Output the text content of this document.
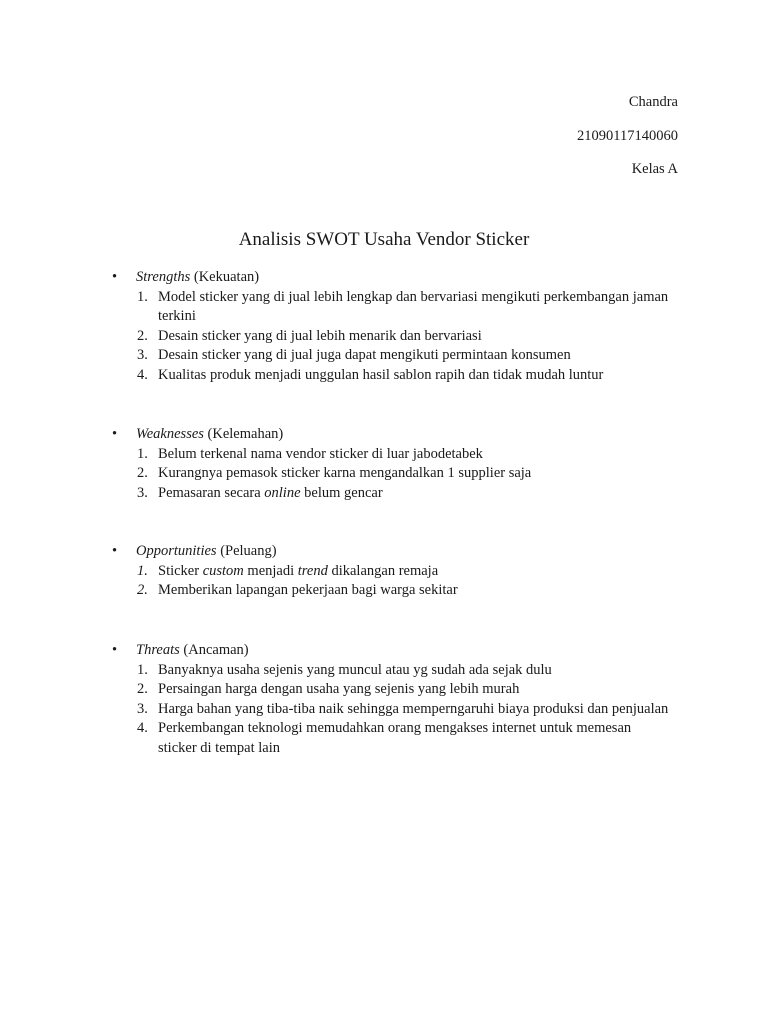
Chandra
21090117140060
Kelas A
Analisis SWOT Usaha Vendor Sticker
• Strengths (Kekuatan)
1. Model sticker yang di jual lebih lengkap dan bervariasi mengikuti perkembangan jaman terkini
2. Desain sticker yang di jual lebih menarik dan bervariasi
3. Desain sticker yang di jual juga dapat mengikuti permintaan konsumen
4. Kualitas produk menjadi unggulan hasil sablon rapih dan tidak mudah luntur
• Weaknesses (Kelemahan)
1. Belum terkenal nama vendor sticker di luar jabodetabek
2. Kurangnya pemasok sticker karna mengandalkan 1 supplier saja
3. Pemasaran secara online belum gencar
• Opportunities (Peluang)
1. Sticker custom menjadi trend dikalangan remaja
2. Memberikan lapangan pekerjaan bagi warga sekitar
• Threats (Ancaman)
1. Banyaknya usaha sejenis yang muncul atau yg sudah ada sejak dulu
2. Persaingan harga dengan usaha yang sejenis yang lebih murah
3. Harga bahan yang tiba-tiba naik sehingga memperngaruhi biaya produksi dan penjualan
4. Perkembangan teknologi memudahkan orang mengakses internet untuk memesan sticker di tempat lain
